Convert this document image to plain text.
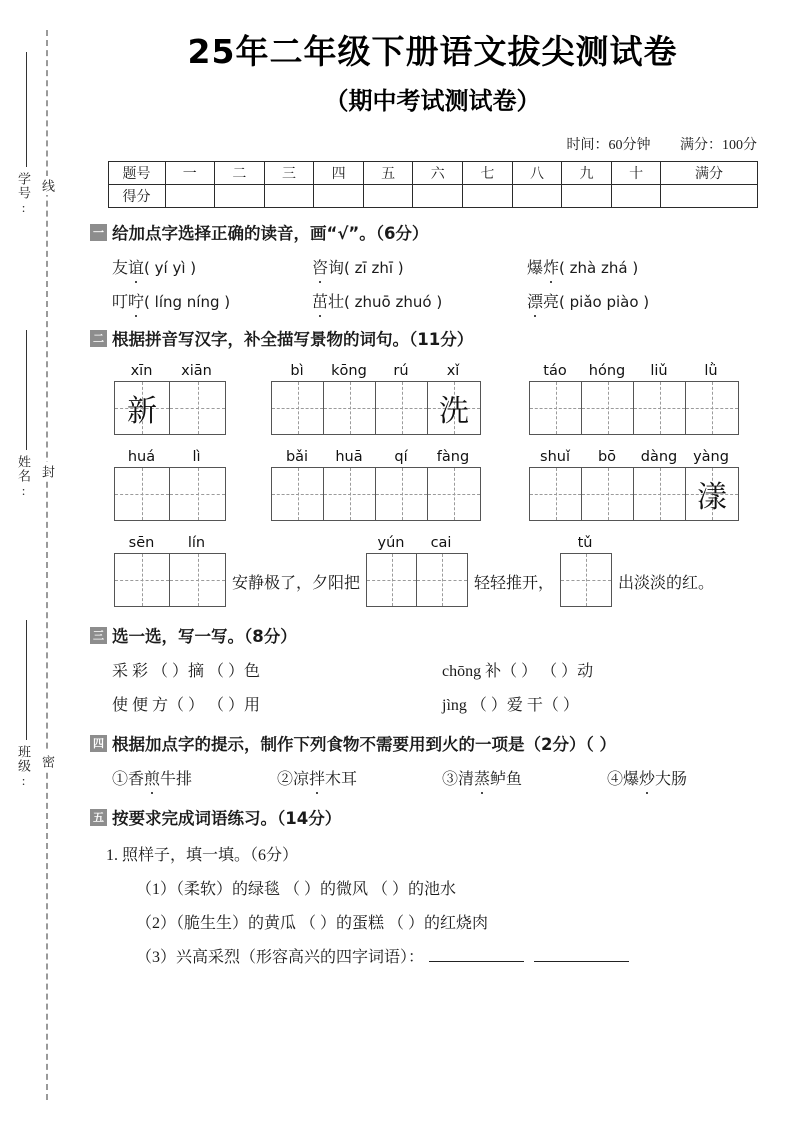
学号: 线
姓名: 封
班级: 密
25年二年级下册语文拔尖测试卷
（期中考试测试卷）
时间：60分钟 满分：100分
题号	一	二	三	四	五	六	七	八	九	十	满分
得分											
一 给加点字选择正确的读音，画“√”。（6分）
友谊( yí yì )	咨询( zī zhī )	爆炸( zhà zhá )
叮咛( líng níng )	茁壮( zhuō zhuó )	漂亮( piǎo piào )
二 根据拼音写汉字，补全描写景物的词句。（11分）
xīn	xiān
新
bì	kōng	rú	xǐ
洗
táo	hóng	liǔ	lǜ
huá	lì	bǎi	huā	qí	fàng	shuǐ	bō	dàng	yàng
漾
sēn	lín
安静极了，夕阳把
yún	cai
轻轻推开，
tǔ
出淡淡的红。
三 选一选，写一写。（8分）
采 彩 （ ）摘 （ ）色	chōng 补（ ） （ ）动
使 便 方（ ） （ ）用	jìng （ ）爱 干（ ）
四 根据加点字的提示，制作下列食物不需要用到火的一项是（2分）（ ）
①香煎牛排	②凉拌木耳	③清蒸鲈鱼	④爆炒大肠
五 按要求完成词语练习。（14分）
1. 照样子，填一填。（6分）
（1）（柔软）的绿毯 （ ）的微风 （ ）的池水
（2）（脆生生）的黄瓜 （ ）的蛋糕 （ ）的红烧肉
（3）兴高采烈（形容高兴的四字词语）：
